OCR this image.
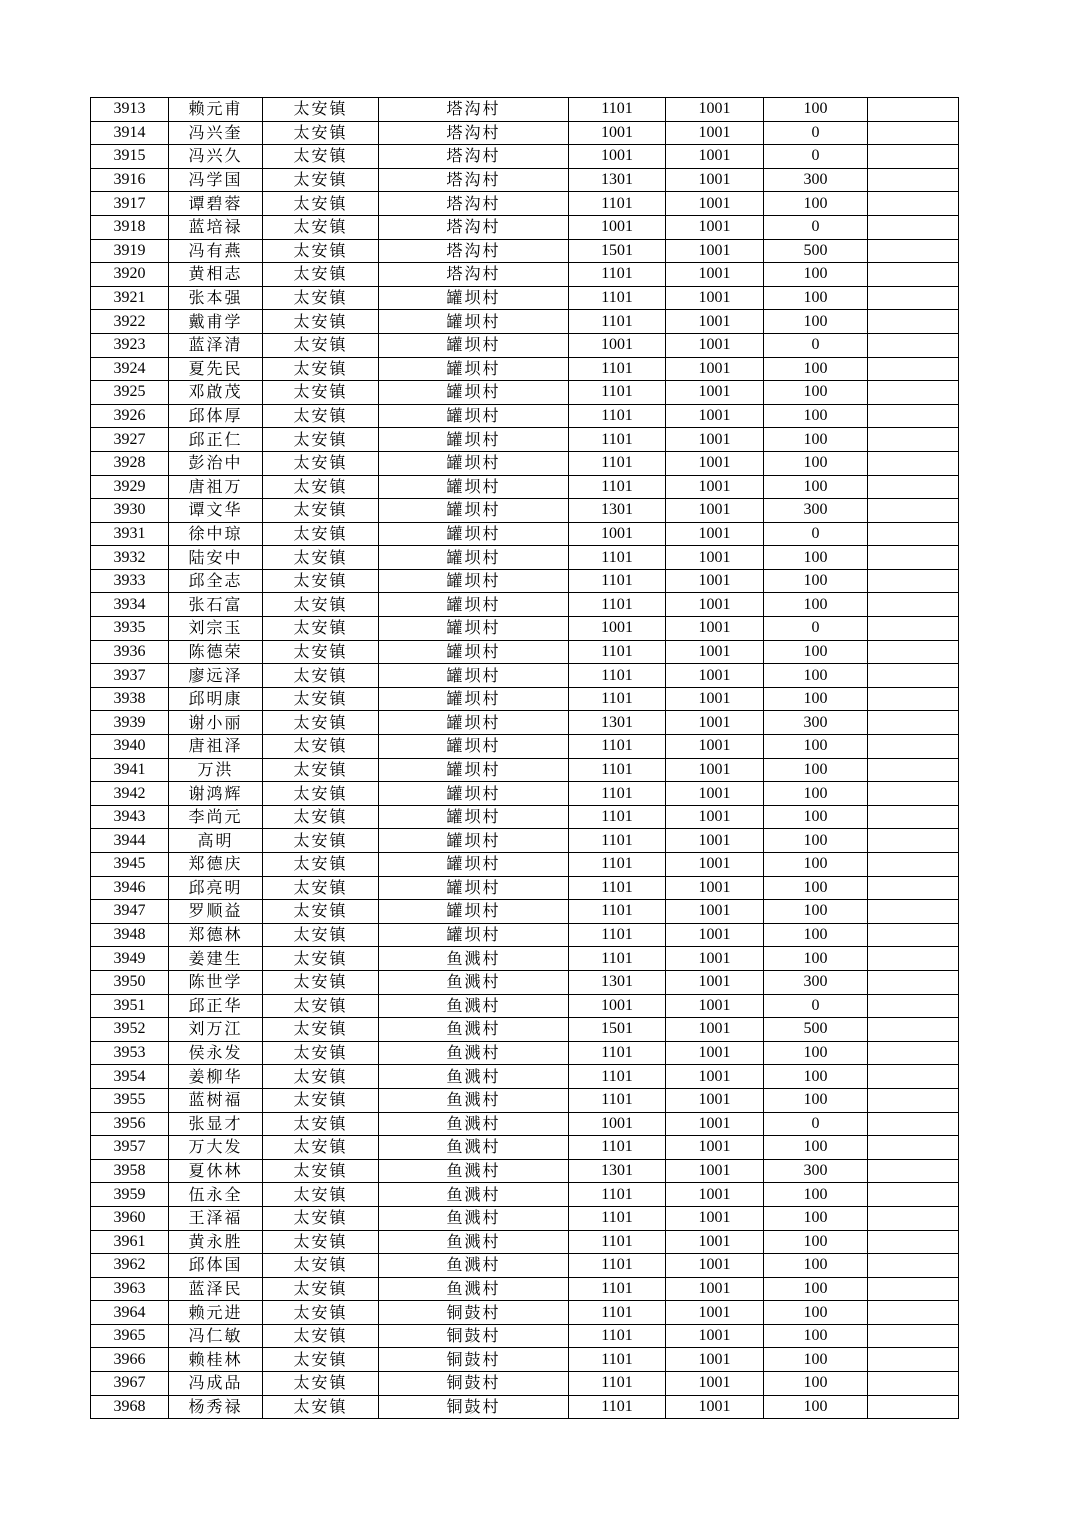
3913	赖元甫	太安镇	塔沟村	1101	1001	100	
3914	冯兴奎	太安镇	塔沟村	1001	1001	0	
3915	冯兴久	太安镇	塔沟村	1001	1001	0	
3916	冯学国	太安镇	塔沟村	1301	1001	300	
3917	谭碧蓉	太安镇	塔沟村	1101	1001	100	
3918	蓝培禄	太安镇	塔沟村	1001	1001	0	
3919	冯有燕	太安镇	塔沟村	1501	1001	500	
3920	黄相志	太安镇	塔沟村	1101	1001	100	
3921	张本强	太安镇	罐坝村	1101	1001	100	
3922	戴甫学	太安镇	罐坝村	1101	1001	100	
3923	蓝泽清	太安镇	罐坝村	1001	1001	0	
3924	夏先民	太安镇	罐坝村	1101	1001	100	
3925	邓啟茂	太安镇	罐坝村	1101	1001	100	
3926	邱体厚	太安镇	罐坝村	1101	1001	100	
3927	邱正仁	太安镇	罐坝村	1101	1001	100	
3928	彭治中	太安镇	罐坝村	1101	1001	100	
3929	唐祖万	太安镇	罐坝村	1101	1001	100	
3930	谭文华	太安镇	罐坝村	1301	1001	300	
3931	徐中琼	太安镇	罐坝村	1001	1001	0	
3932	陆安中	太安镇	罐坝村	1101	1001	100	
3933	邱全志	太安镇	罐坝村	1101	1001	100	
3934	张石富	太安镇	罐坝村	1101	1001	100	
3935	刘宗玉	太安镇	罐坝村	1001	1001	0	
3936	陈德荣	太安镇	罐坝村	1101	1001	100	
3937	廖远泽	太安镇	罐坝村	1101	1001	100	
3938	邱明康	太安镇	罐坝村	1101	1001	100	
3939	谢小丽	太安镇	罐坝村	1301	1001	300	
3940	唐祖泽	太安镇	罐坝村	1101	1001	100	
3941	万洪	太安镇	罐坝村	1101	1001	100	
3942	谢鸿辉	太安镇	罐坝村	1101	1001	100	
3943	李尚元	太安镇	罐坝村	1101	1001	100	
3944	高明	太安镇	罐坝村	1101	1001	100	
3945	郑德庆	太安镇	罐坝村	1101	1001	100	
3946	邱亮明	太安镇	罐坝村	1101	1001	100	
3947	罗顺益	太安镇	罐坝村	1101	1001	100	
3948	郑德林	太安镇	罐坝村	1101	1001	100	
3949	姜建生	太安镇	鱼溅村	1101	1001	100	
3950	陈世学	太安镇	鱼溅村	1301	1001	300	
3951	邱正华	太安镇	鱼溅村	1001	1001	0	
3952	刘万江	太安镇	鱼溅村	1501	1001	500	
3953	侯永发	太安镇	鱼溅村	1101	1001	100	
3954	姜柳华	太安镇	鱼溅村	1101	1001	100	
3955	蓝树福	太安镇	鱼溅村	1101	1001	100	
3956	张显才	太安镇	鱼溅村	1001	1001	0	
3957	万大发	太安镇	鱼溅村	1101	1001	100	
3958	夏休林	太安镇	鱼溅村	1301	1001	300	
3959	伍永全	太安镇	鱼溅村	1101	1001	100	
3960	王泽福	太安镇	鱼溅村	1101	1001	100	
3961	黄永胜	太安镇	鱼溅村	1101	1001	100	
3962	邱体国	太安镇	鱼溅村	1101	1001	100	
3963	蓝泽民	太安镇	鱼溅村	1101	1001	100	
3964	赖元进	太安镇	铜鼓村	1101	1001	100	
3965	冯仁敏	太安镇	铜鼓村	1101	1001	100	
3966	赖桂林	太安镇	铜鼓村	1101	1001	100	
3967	冯成品	太安镇	铜鼓村	1101	1001	100	
3968	杨秀禄	太安镇	铜鼓村	1101	1001	100	
